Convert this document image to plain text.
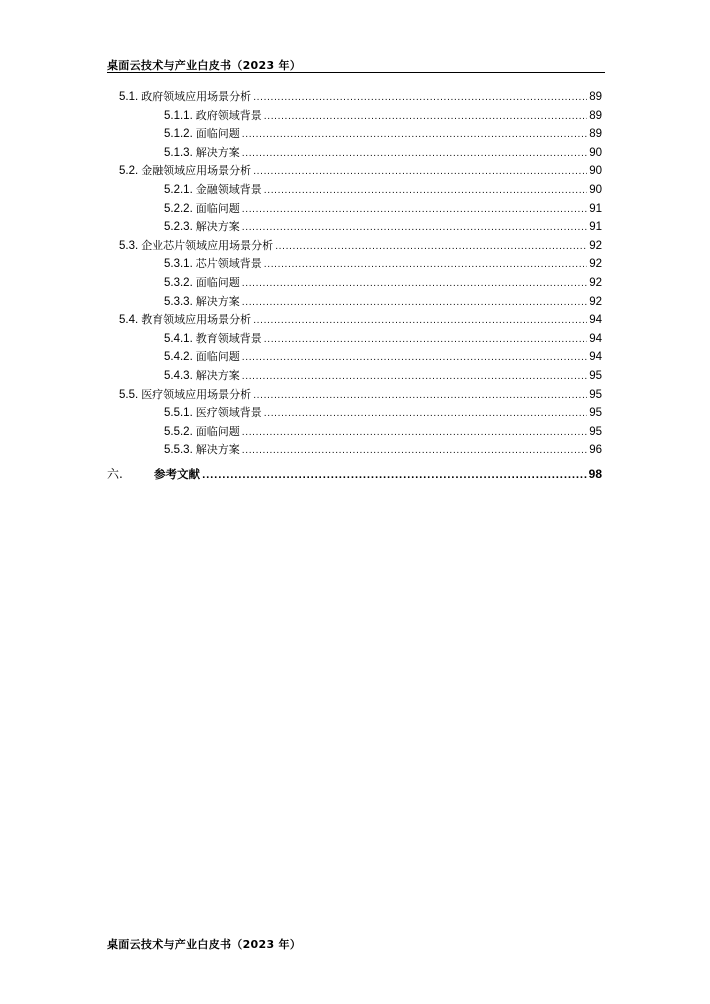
桌面云技术与产业白皮书（2023 年）
5.1. 政府领域应用场景分析 .....	89
5.1.1. 政府领域背景 .....	89
5.1.2. 面临问题 .....	89
5.1.3. 解决方案 .....	90
5.2. 金融领域应用场景分析 .....	90
5.2.1. 金融领域背景 .....	90
5.2.2. 面临问题 .....	91
5.2.3. 解决方案 .....	91
5.3. 企业芯片领域应用场景分析 .....	92
5.3.1. 芯片领域背景 .....	92
5.3.2. 面临问题 .....	92
5.3.3. 解决方案 .....	92
5.4. 教育领域应用场景分析 .....	94
5.4.1. 教育领域背景 .....	94
5.4.2. 面临问题 .....	94
5.4.3. 解决方案 .....	95
5.5. 医疗领域应用场景分析 .....	95
5.5.1. 医疗领域背景 .....	95
5.5.2. 面临问题 .....	95
5.5.3. 解决方案 .....	96
六.	参考文献 .....	98
桌面云技术与产业白皮书（2023 年）
